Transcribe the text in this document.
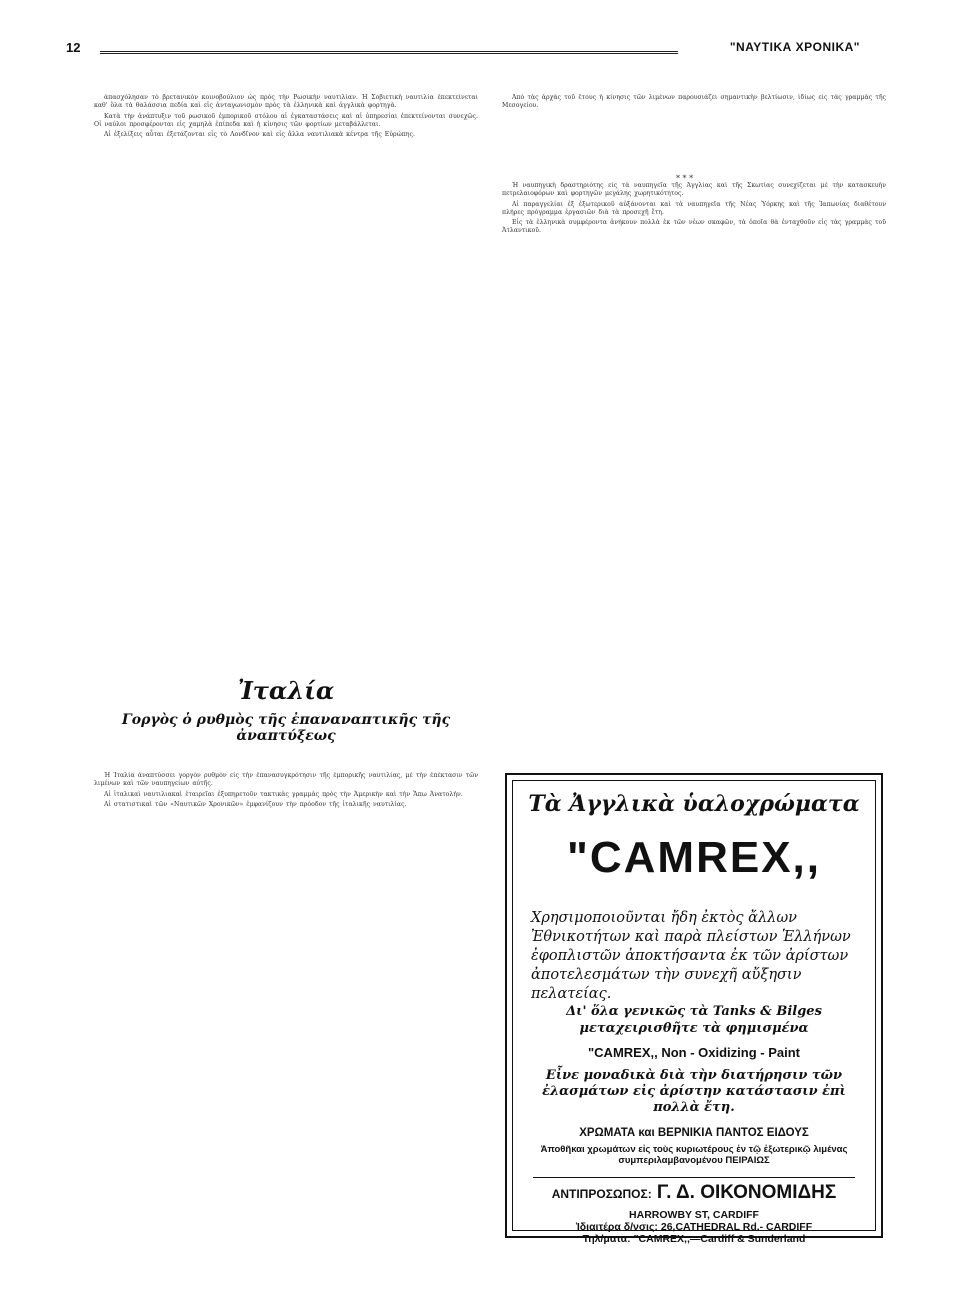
12	"ΝΑΥΤΙΚΑ ΧΡΟΝΙΚΑ"

ἀπασχόλησαν τὸ βρετανικὸν κοινοβούλιον ὡς πρὸς τὴν Ρωσικὴν ναυτιλίαν. Ἡ Σοβιετικὴ ναυτιλία ἐπεκτείνεται καθ' ὅλα τὰ θαλάσσια πεδία καὶ εἰς ἀνταγωνισμὸν πρὸς τὰ ἐλληνικὰ καὶ ἀγγλικὰ φορτηγὰ.

Κατὰ τὴν ἀνάπτυξιν τοῦ ρωσικοῦ ἐμπορικοῦ στόλου αἱ ἐγκαταστάσεις καὶ αἱ ὑπηρεσίαι ἐπεκτείνονται συνεχῶς. Οἱ ναύλοι προσφέρονται εἰς χαμηλὰ ἐπίπεδα καὶ ἡ κίνησις τῶν φορτίων μεταβάλλεται.

Αἱ ἐξελίξεις αὗται ἐξετάζονται εἰς τὸ Λονδῖνον καὶ εἰς ἄλλα ναυτιλιακὰ κέντρα τῆς Εὐρώπης.

Ἀπὸ τὰς ἀρχὰς τοῦ ἔτους ἡ κίνησις τῶν λιμένων παρουσιάζει σημαντικὴν βελτίωσιν, ἰδίως εἰς τὰς γραμμὰς τῆς Μεσογείου.

* * *

Ἡ ναυπηγικὴ δραστηριότης εἰς τὰ ναυπηγεῖα τῆς Ἀγγλίας καὶ τῆς Σκωτίας συνεχίζεται μὲ τὴν κατασκευὴν πετρελαιοφόρων καὶ φορτηγῶν μεγάλης χωρητικότητος.

Αἱ παραγγελίαι ἐξ ἐξωτερικοῦ αὐξάνονται καὶ τὰ ναυπηγεῖα τῆς Νέας Ὑόρκης καὶ τῆς Ἰαπωνίας διαθέτουν πλήρες πρόγραμμα ἐργασιῶν διὰ τὰ προσεχῆ ἔτη.

Εἰς τὰ ἑλληνικὰ συμφέροντα ἀνήκουν πολλὰ ἐκ τῶν νέων σκαφῶν, τὰ ὁποῖα θὰ ἐνταχθοῦν εἰς τὰς γραμμὰς τοῦ Ἀτλαντικοῦ.

Ἰταλία
Γοργὸς ὁ ρυθμὸς τῆς ἐπαναναπτικῆς τῆς ἀναπτύξεως

Ἡ Ἰταλία ἀναπτύσσει γοργὸν ρυθμὸν εἰς τὴν ἐπανασυγκρότησιν τῆς ἐμπορικῆς ναυτιλίας, μὲ τὴν ἐπέκτασιν τῶν λιμένων καὶ τῶν ναυπηγείων αὐτῆς.

Αἱ ἰταλικαὶ ναυτιλιακαὶ ἑταιρεῖαι ἐξυπηρετοῦν τακτικὰς γραμμὰς πρὸς τὴν Ἀμερικὴν καὶ τὴν Ἄπω Ἀνατολήν.

Αἱ στατιστικαὶ τῶν «Ναυτικῶν Χρονικῶν» ἐμφανίζουν τὴν πρόοδον τῆς ἰταλικῆς ναυτιλίας.	Τὰ Ἀγγλικὰ ὑαλοχρώματα
"CAMREX,,
Χρησιμοποιοῦνται ἤδη ἐκτὸς ἄλλων Ἐθνικοτήτων καὶ παρὰ πλείστων Ἑλλήνων ἐφοπλιστῶν ἀποκτήσαντα ἐκ τῶν ἀρίστων ἀποτελεσμάτων τὴν συνεχῆ αὔξησιν πελατείας.
Δι' ὅλα γενικῶς τὰ Tanks & Bilges μεταχειρισθῆτε τὰ φημισμένα
"CAMREX,, Non - Oxidizing - Paint
Εἶνε μοναδικὰ διὰ τὴν διατήρησιν τῶν ἐλασμάτων εἰς ἀρίστην κατάστασιν ἐπὶ πολλὰ ἔτη.
ΧΡΩΜΑΤΑ και ΒΕΡΝΙΚΙΑ ΠΑΝΤΟΣ ΕΙΔΟΥΣ
Ἀποθῆκαι χρωμάτων εἰς τοὺς κυριωτέρους ἐν τῷ ἐξωτερικῷ λιμένας συμπεριλαμβανομένου ΠΕΙΡΑΙΩΣ
ΑΝΤΙΠΡΟΣΩΠΟΣ: Γ. Δ. ΟΙΚΟΝΟΜΙΔΗΣ
HARROWBY ST, CARDIFF
Ἰδιαιτέρα δ/νσις: 26,CATHEDRAL Rd.- CARDIFF
Τηλ/ματα: "CAMREX,,—Cardiff & Sunderland
